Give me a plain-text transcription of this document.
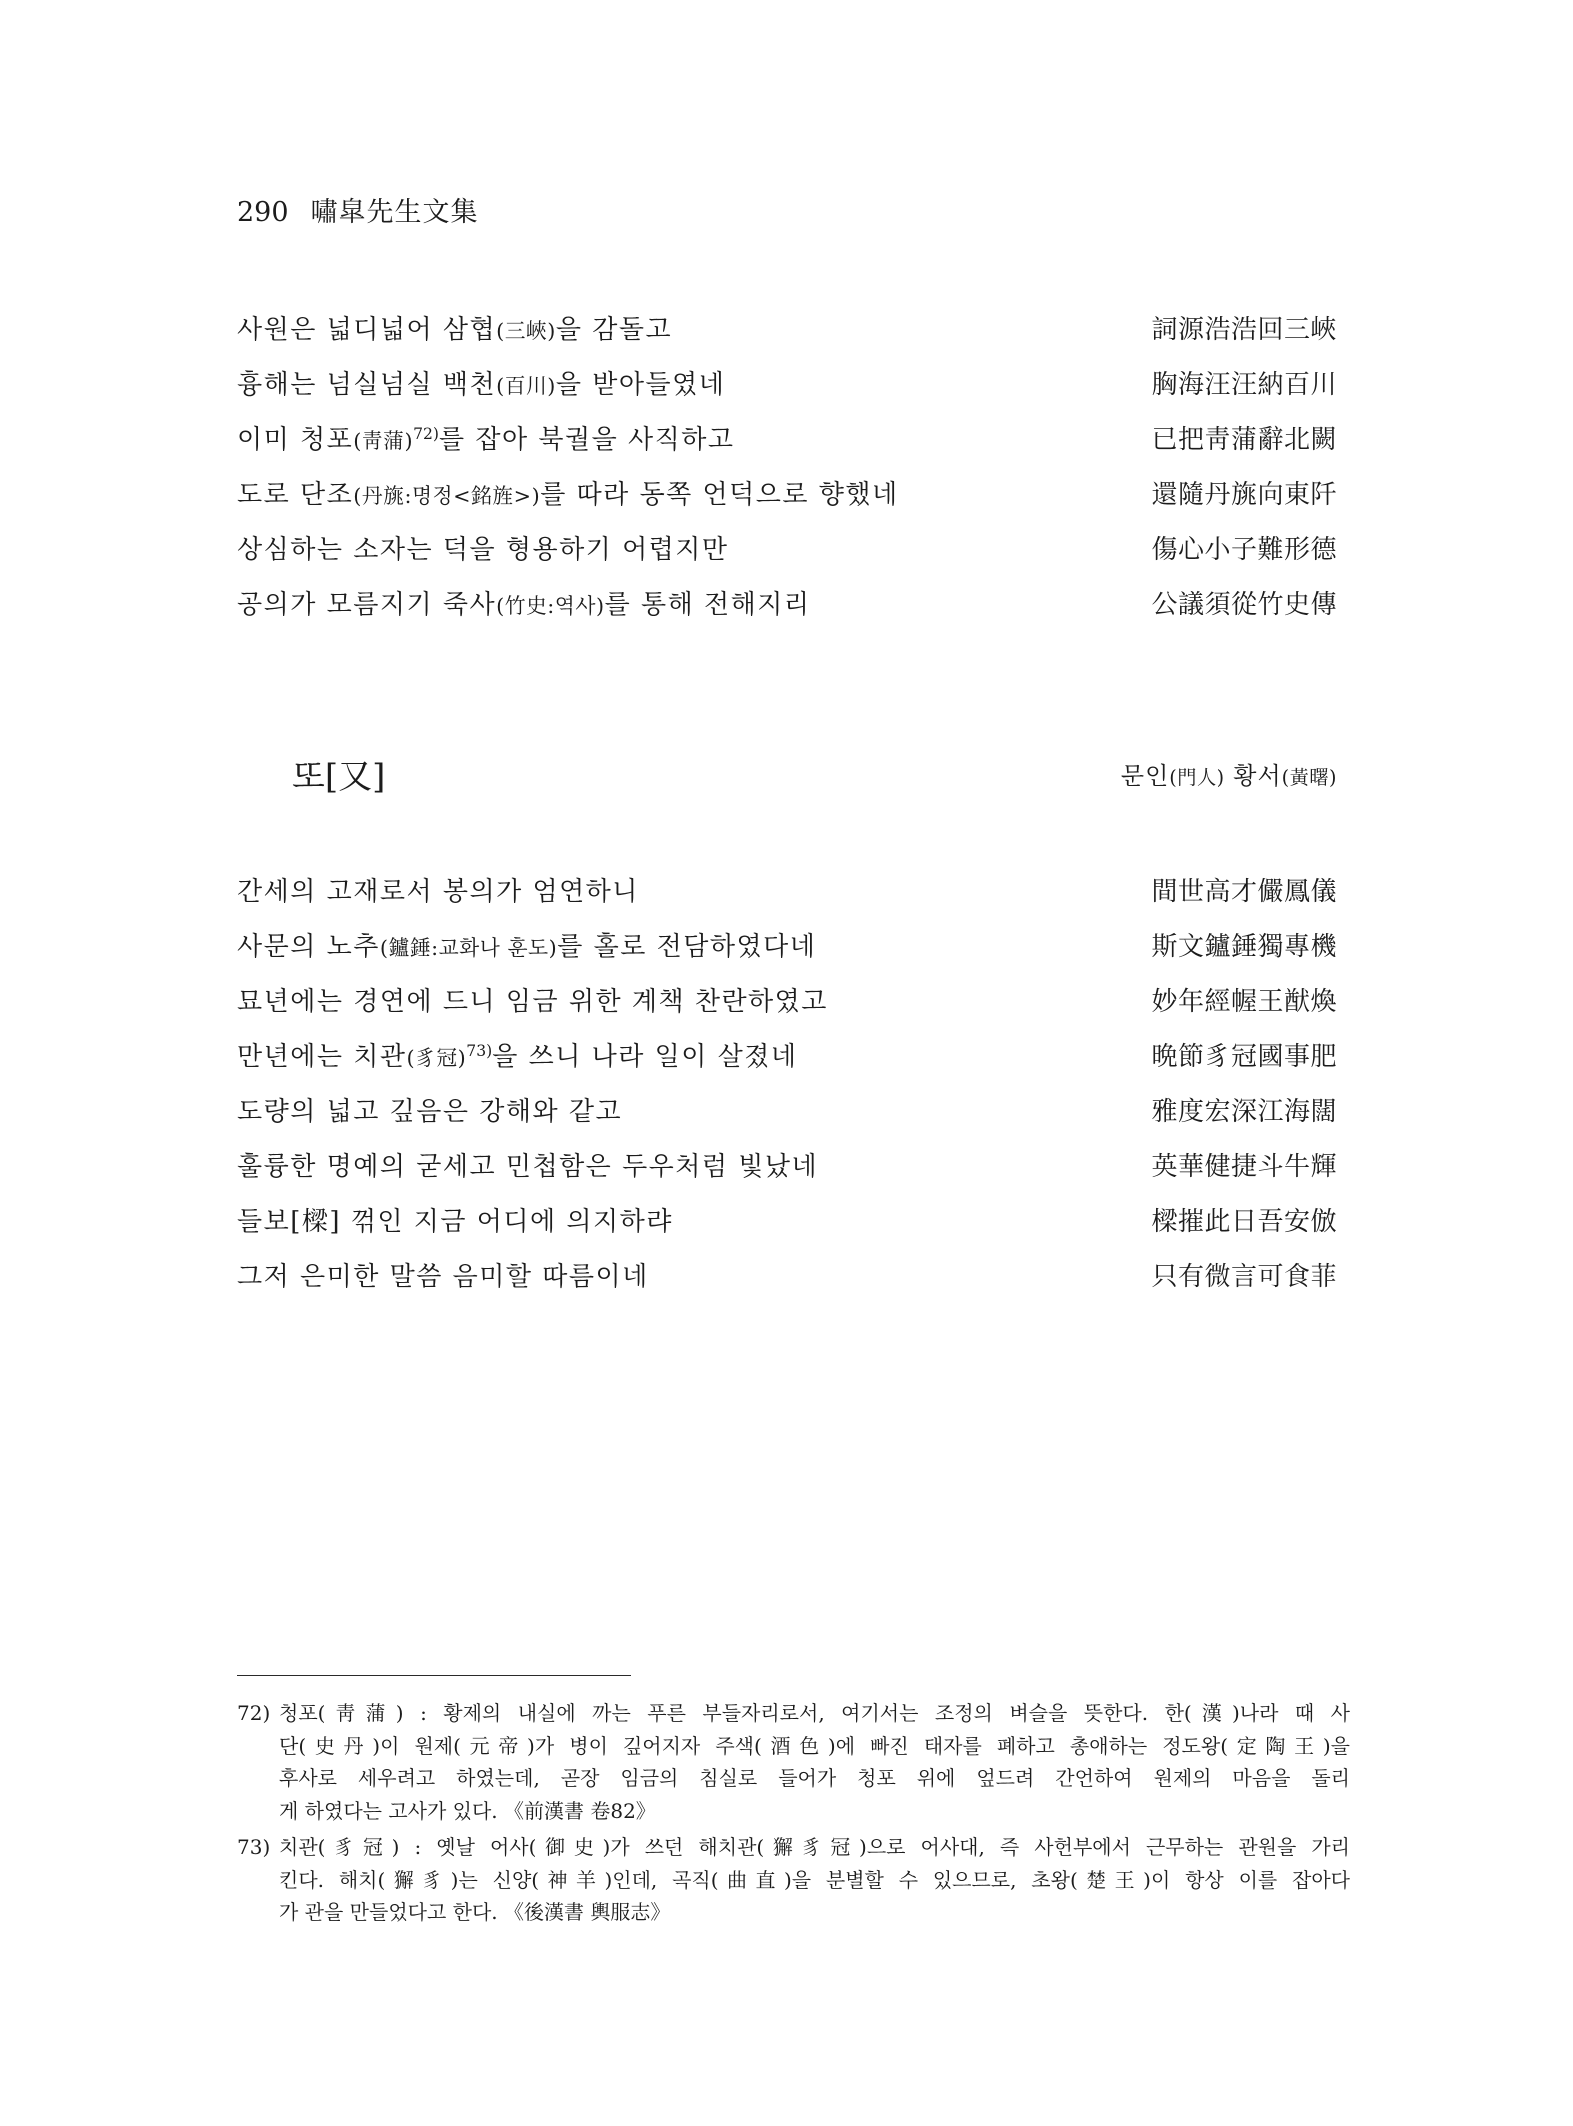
290 嘯皐先生文集
사원은 넓디넓어 삼협(三峽)을 감돌고	詞源浩浩回三峽
흉해는 넘실넘실 백천(百川)을 받아들였네	胸海汪汪納百川
이미 청포(靑蒲)$^{72)}$를 잡아 북궐을 사직하고	已把靑蒲辭北闕
도로 단조(丹旐:명정<銘旌>)를 따라 동쪽 언덕으로 향했네	還隨丹旐向東阡
상심하는 소자는 덕을 형용하기 어렵지만	傷心小子難形德
공의가 모름지기 죽사(竹史:역사)를 통해 전해지리	公議須從竹史傳
또[又]	문인(門人) 황서(黃曙)
간세의 고재로서 봉의가 엄연하니	間世高才儼鳳儀
사문의 노추(鑪錘:교화나 훈도)를 홀로 전담하였다네	斯文鑪錘獨專機
묘년에는 경연에 드니 임금 위한 계책 찬란하였고	妙年經幄王猷煥
만년에는 치관(豸冠)$^{73)}$을 쓰니 나라 일이 살졌네	晩節豸冠國事肥
도량의 넓고 깊음은 강해와 같고	雅度宏深江海闊
훌륭한 명예의 굳세고 민첩함은 두우처럼 빛났네	英華健捷斗牛輝
들보[樑] 꺾인 지금 어디에 의지하랴	樑摧此日吾安倣
그저 은미한 말씀 음미할 따름이네	只有微言可食菲
72) 청포(靑蒲) : 황제의 내실에 까는 푸른 부들자리로서, 여기서는 조정의 벼슬을 뜻한다. 한(漢)나라 때 사
단(史丹)이 원제(元帝)가 병이 깊어지자 주색(酒色)에 빠진 태자를 폐하고 총애하는 정도왕(定陶王)을
후사로 세우려고 하였는데, 곧장 임금의 침실로 들어가 청포 위에 엎드려 간언하여 원제의 마음을 돌리
게 하였다는 고사가 있다. 《前漢書 卷82》
73) 치관(豸冠) : 옛날 어사(御史)가 쓰던 해치관(獬豸冠)으로 어사대, 즉 사헌부에서 근무하는 관원을 가리
킨다. 해치(獬豸)는 신양(神羊)인데, 곡직(曲直)을 분별할 수 있으므로, 초왕(楚王)이 항상 이를 잡아다
가 관을 만들었다고 한다. 《後漢書 輿服志》
